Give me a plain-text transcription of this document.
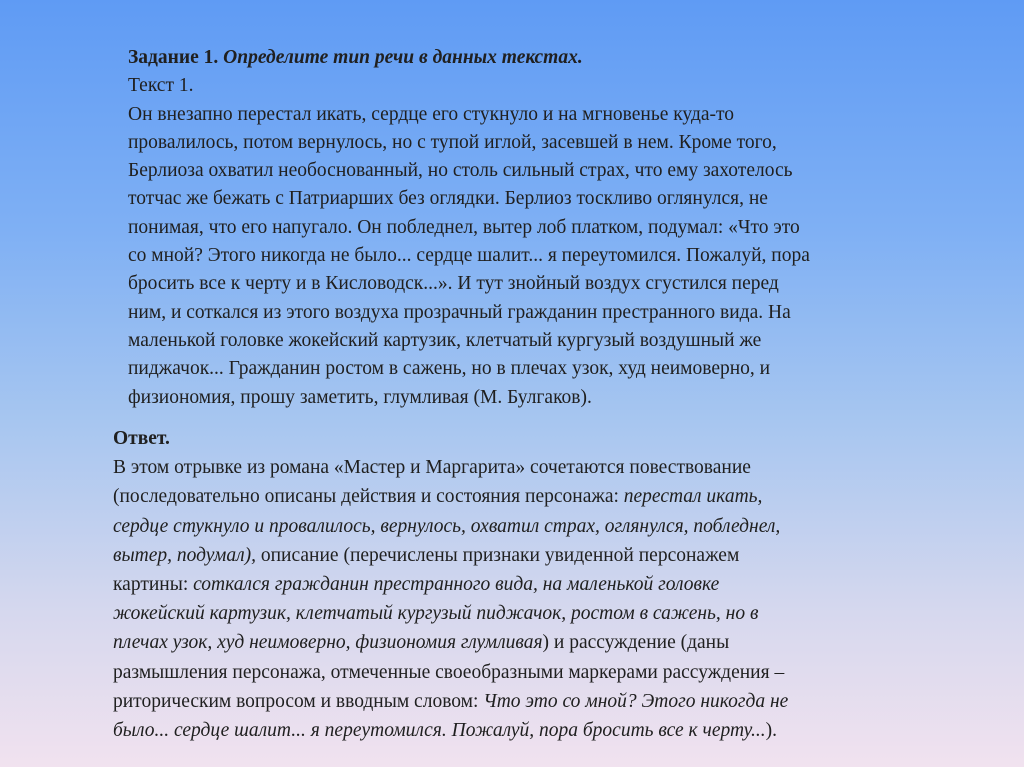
Задание 1. Определите тип речи в данных текстах.

Текст 1.

Он внезапно перестал икать, сердце его стукнуло и на мгновенье куда-то
провалилось, потом вернулось, но с тупой иглой, засевшей в нем. Кроме того,
Берлиоза охватил необоснованный, но столь сильный страх, что ему захотелось
тотчас же бежать с Патриарших без оглядки. Берлиоз тоскливо оглянулся, не
понимая, что его напугало. Он побледнел, вытер лоб платком, подумал: «Что это
со мной? Этого никогда не было... сердце шалит... я переутомился. Пожалуй, пора
бросить все к черту и в Кисловодск...». И тут знойный воздух сгустился перед
ним, и соткался из этого воздуха прозрачный гражданин престранного вида. На
маленькой головке жокейский картузик, клетчатый кургузый воздушный же
пиджачок... Гражданин ростом в сажень, но в плечах узок, худ неимоверно, и
физиономия, прошу заметить, глумливая (М. Булгаков).

Ответ.

В этом отрывке из романа «Мастер и Маргарита» сочетаются повествование
(последовательно описаны действия и состояния персонажа: перестал икать,
сердце стукнуло и провалилось, вернулось, охватил страх, оглянулся, побледнел,
вытер, подумал), описание (перечислены признаки увиденной персонажем
картины: соткался гражданин престранного вида, на маленькой головке
жокейский картузик, клетчатый кургузый пиджачок, ростом в сажень, но в
плечах узок, худ неимоверно, физиономия глумливая) и рассуждение (даны
размышления персонажа, отмеченные своеобразными маркерами рассуждения –
риторическим вопросом и вводным словом: Что это со мной? Этого никогда не
было... сердце шалит... я переутомился. Пожалуй, пора бросить все к черту...).
